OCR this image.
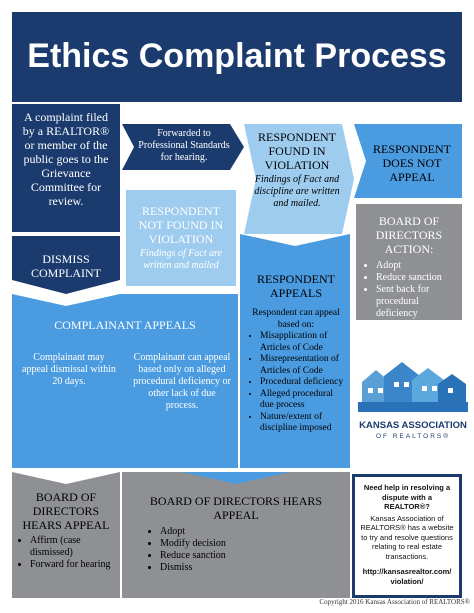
Ethics Complaint Process
A complaint filed by a REALTOR® or member of the public goes to the Grievance Committee for review.
Forwarded to Professional Standards for hearing.
RESPONDENT FOUND IN VIOLATION
Findings of Fact and discipline are written and mailed.
RESPONDENT DOES NOT APPEAL
RESPONDENT NOT FOUND IN VIOLATION
Findings of Fact are written and mailed
BOARD OF DIRECTORS ACTION:
• Adopt
• Reduce sanction
• Sent back for procedural deficiency
DISMISS COMPLAINT	RESPONDENT APPEALS
Respondent can appeal based on:
• Misapplication of Articles of Code
• Misrepresentation of Articles of Code
• Procedural deficiency
• Alleged procedural due process
• Nature/extent of discipline imposed
COMPLAINANT APPEALS
Complainant may appeal dismissal within 20 days.
Complainant can appeal based only on alleged procedural deficiency or other lack of due process.
BOARD OF DIRECTORS HEARS APPEAL
• Affirm (case dismissed)
• Forward for hearing
BOARD OF DIRECTORS HEARS APPEAL
• Adopt
• Modify decision
• Reduce sanction
• Dismiss
KANSAS ASSOCIATION
OF REALTORS®
Need help in resolving a dispute with a REALTOR®?
Kansas Association of REALTORS® has a website to try and resolve questions relating to real estate transactions.
http://kansasrealtor.com/ violation/
Copyright 2016 Kansas Association of REALTORS®
